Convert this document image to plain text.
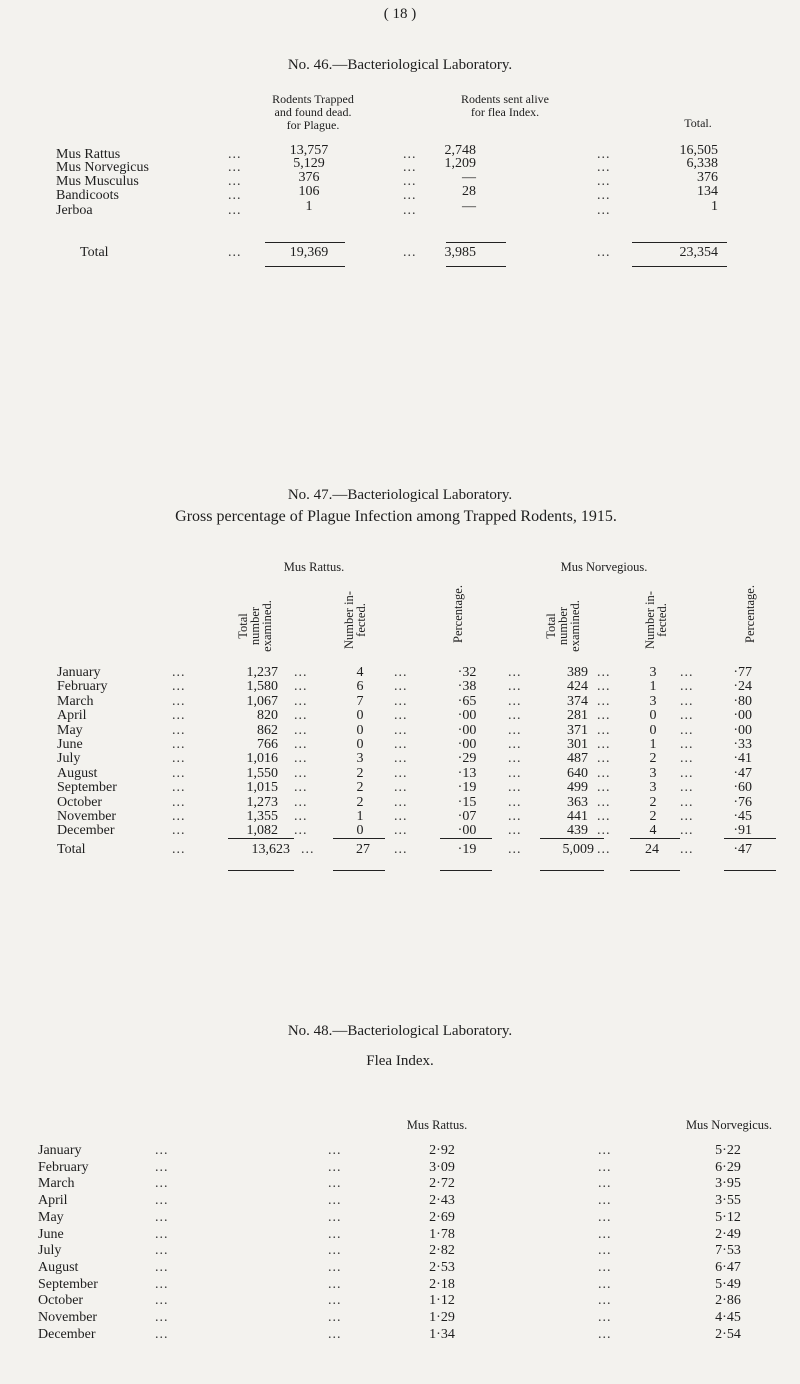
( 18 )
No. 46.—Bacteriological Laboratory.
Rodents Trapped
and found dead.
for Plague.
Rodents sent alive
for flea Index.
Total.
Mus Rattus	...	13,757	... 2,748	...	16,505
Mus Norvegicus	...	5,129	... 1,209	...	6,338
Mus Musculus	...	376	...	—	...	376
Bandicoots	...	106	...	28	...	134
Jerboa	...	1	...	—	...	1
Total	...	19,369	... 3,985	...	23,354
No. 47.—Bacteriological Laboratory.
Gross percentage of Plague Infection among Trapped Rodents, 1915.
Mus Rattus.	Mus Norvegious.
Total number examined.	Number in- fected.	Percentage.	Total number examined.	Number in- fected.	Percentage.
January	...	1,237 ...	4 ...	·32 ...	389 ...	3 ...	·77
February	...	1,580 ...	6 ...	·38 ...	424 ...	1 ...	·24
March	...	1,067 ...	7 ...	·65 ...	374 ...	3 ...	·80
April	...	820 ...	0 ...	·00 ...	281 ...	0 ...	·00
May	...	862 ...	0 ...	·00 ...	371 ...	0 ...	·00
June	...	766 ...	0 ...	·00 ...	301 ...	1 ...	·33
July	...	1,016 ...	3 ...	·29 ...	487 ...	2 ...	·41
August	...	1,550 ...	2 ...	·13 ...	640 ...	3 ...	·47
September	...	1,015 ...	2 ...	·19 ...	499 ...	3 ...	·60
October	...	1,273 ...	2 ...	·15 ...	363 ...	2 ...	·76
November	...	1,355 ...	1 ...	·07 ...	441 ...	2 ...	·45
December	...	1,082 ...	0 ...	·00 ...	439 ...	4 ...	·91
Total	...	13,623 ...	27 ...	·19 ...	5,009 ... 24 ...	·47
No. 48.—Bacteriological Laboratory.
Flea Index.
Mus Rattus.	Mus Norvegicus.
January	...	...	2·92	...	5·22
February	...	...	3·09	...	6·29
March	...	...	2·72	...	3·95
April	...	...	2·43	...	3·55
May	...	...	2·69	...	5·12
June	...	...	1·78	...	2·49
July	...	...	2·82	...	7·53
August	...	...	2·53	...	6·47
September	...	...	2·18	...	5·49
October	...	...	1·12	...	2·86
November	...	...	1·29	...	4·45
December	...	...	1·34	...	2·54
